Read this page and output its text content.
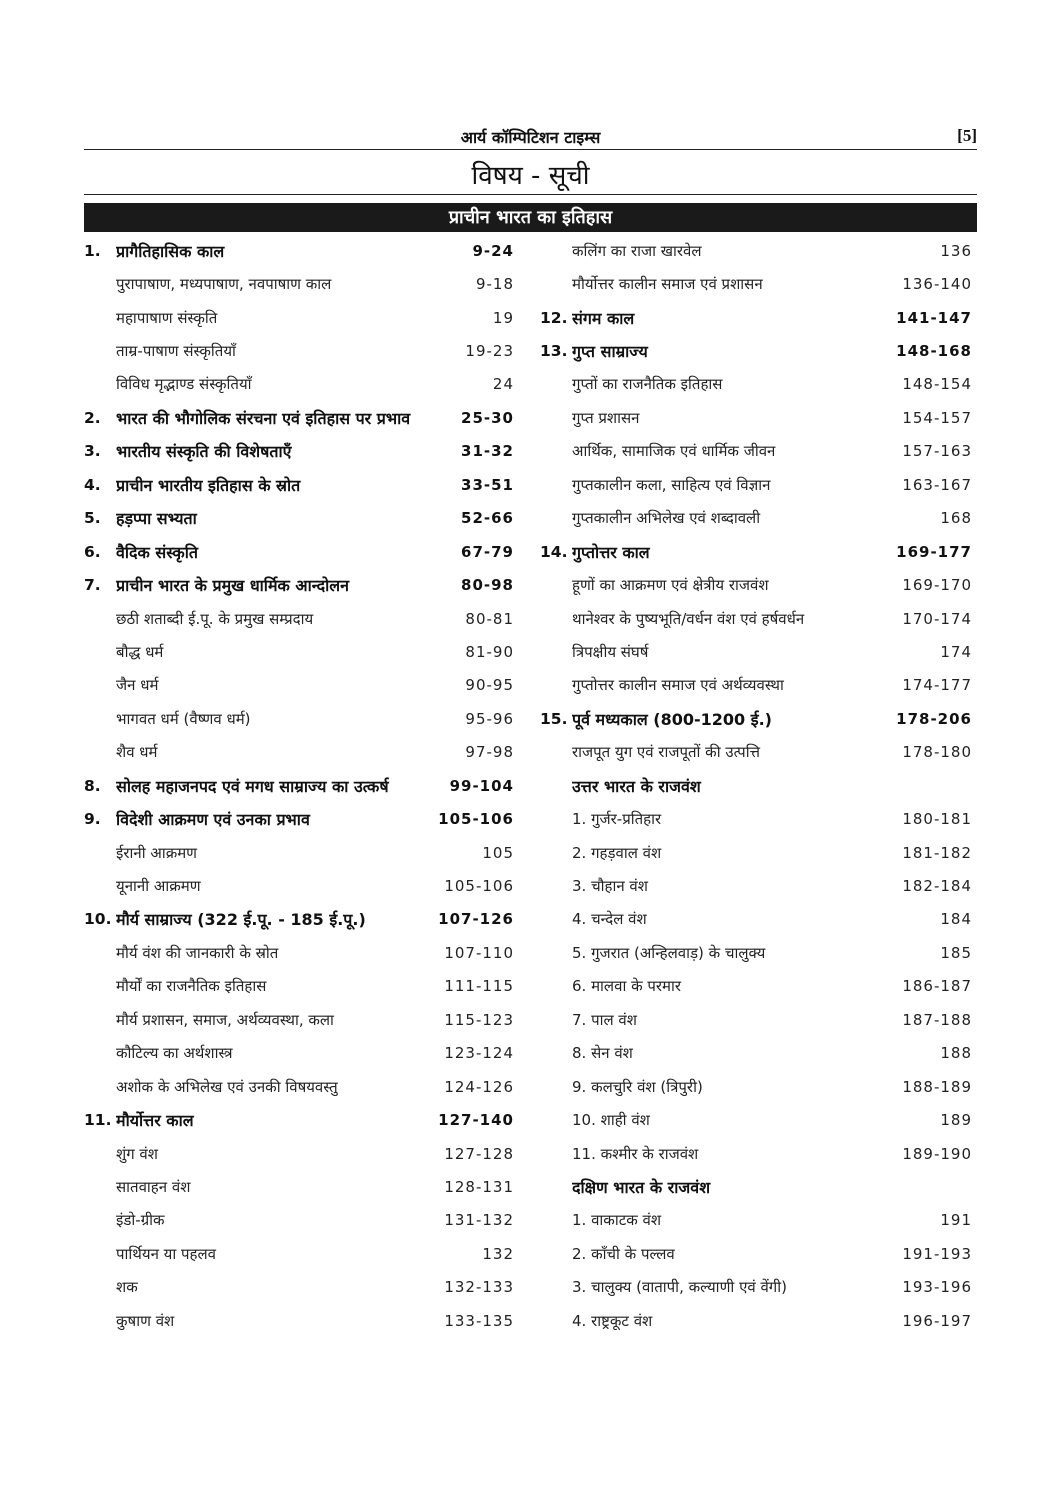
आर्य कॉम्पिटिशन टाइम्स	[5]
विषय - सूची
प्राचीन भारत का इतिहास
1. प्रागैतिहासिक काल	9-24
पुरापाषाण, मध्यपाषाण, नवपाषाण काल	9-18
महापाषाण संस्कृति	19
ताम्र-पाषाण संस्कृतियाँ	19-23
विविध मृद्भाण्ड संस्कृतियाँ	24
2. भारत की भौगोलिक संरचना एवं इतिहास पर प्रभाव	25-30
3. भारतीय संस्कृति की विशेषताएँ	31-32
4. प्राचीन भारतीय इतिहास के स्रोत	33-51
5. हड़प्पा सभ्यता	52-66
6. वैदिक संस्कृति	67-79
7. प्राचीन भारत के प्रमुख धार्मिक आन्दोलन	80-98
छठी शताब्दी ई.पू. के प्रमुख सम्प्रदाय	80-81
बौद्ध धर्म	81-90
जैन धर्म	90-95
भागवत धर्म (वैष्णव धर्म)	95-96
शैव धर्म	97-98
8. सोलह महाजनपद एवं मगध साम्राज्य का उत्कर्ष	99-104
9. विदेशी आक्रमण एवं उनका प्रभाव	105-106
ईरानी आक्रमण	105
यूनानी आक्रमण	105-106
10. मौर्य साम्राज्य (322 ई.पू. - 185 ई.पू.)	107-126
मौर्य वंश की जानकारी के स्रोत	107-110
मौर्यों का राजनैतिक इतिहास	111-115
मौर्य प्रशासन, समाज, अर्थव्यवस्था, कला	115-123
कौटिल्य का अर्थशास्त्र	123-124
अशोक के अभिलेख एवं उनकी विषयवस्तु	124-126
11. मौर्योत्तर काल	127-140
शुंग वंश	127-128
सातवाहन वंश	128-131
इंडो-ग्रीक	131-132
पार्थियन या पहलव	132
शक	132-133
कुषाण वंश	133-135
कलिंग का राजा खारवेल	136
मौर्योत्तर कालीन समाज एवं प्रशासन	136-140
12. संगम काल	141-147
13. गुप्त साम्राज्य	148-168
गुप्तों का राजनैतिक इतिहास	148-154
गुप्त प्रशासन	154-157
आर्थिक, सामाजिक एवं धार्मिक जीवन	157-163
गुप्तकालीन कला, साहित्य एवं विज्ञान	163-167
गुप्तकालीन अभिलेख एवं शब्दावली	168
14. गुप्तोत्तर काल	169-177
हूणों का आक्रमण एवं क्षेत्रीय राजवंश	169-170
थानेश्वर के पुष्यभूति/वर्धन वंश एवं हर्षवर्धन	170-174
त्रिपक्षीय संघर्ष	174
गुप्तोत्तर कालीन समाज एवं अर्थव्यवस्था	174-177
15. पूर्व मध्यकाल (800-1200 ई.)	178-206
राजपूत युग एवं राजपूतों की उत्पत्ति	178-180
उत्तर भारत के राजवंश
1. गुर्जर-प्रतिहार	180-181
2. गहड़वाल वंश	181-182
3. चौहान वंश	182-184
4. चन्देल वंश	184
5. गुजरात (अन्हिलवाड़) के चालुक्य	185
6. मालवा के परमार	186-187
7. पाल वंश	187-188
8. सेन वंश	188
9. कलचुरि वंश (त्रिपुरी)	188-189
10. शाही वंश	189
11. कश्मीर के राजवंश	189-190
दक्षिण भारत के राजवंश
1. वाकाटक वंश	191
2. काँची के पल्लव	191-193
3. चालुक्य (वातापी, कल्याणी एवं वेंगी)	193-196
4. राष्ट्रकूट वंश	196-197
